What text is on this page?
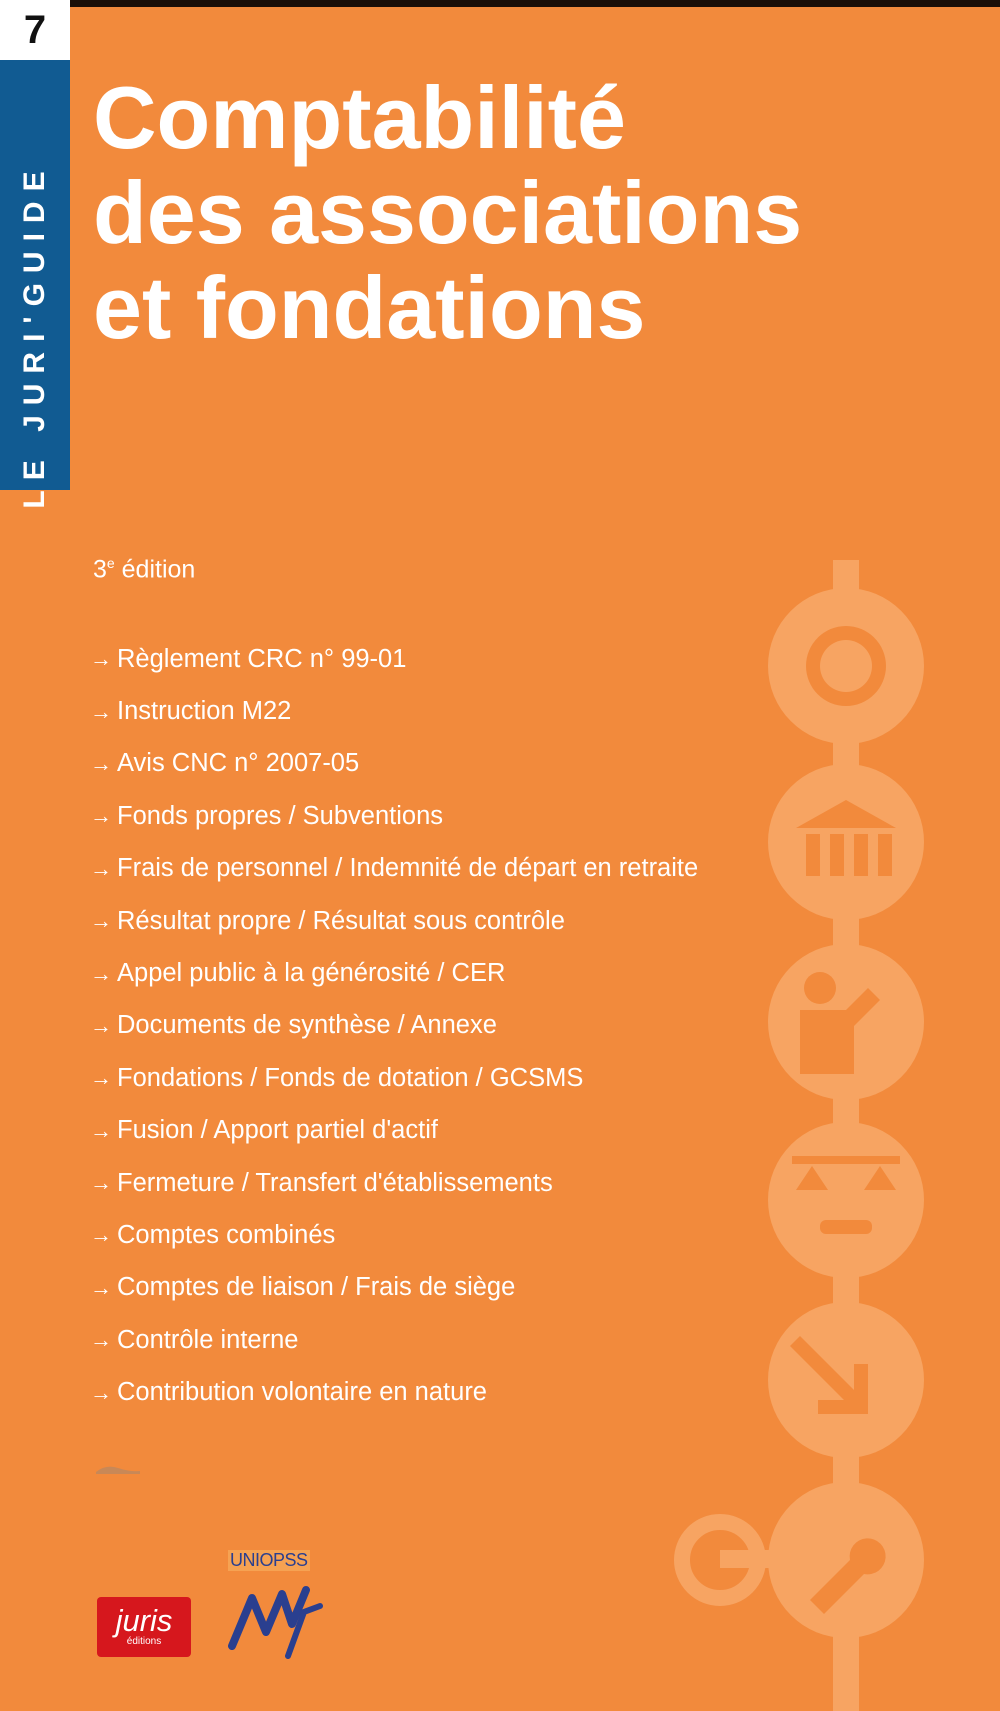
7
LE JURI'GUIDE
Comptabilité
des associations
et fondations
3e édition
→ Règlement CRC n° 99-01
→ Instruction M22
→ Avis CNC n° 2007-05
→ Fonds propres / Subventions
→ Frais de personnel / Indemnité de départ en retraite
→ Résultat propre / Résultat sous contrôle
→ Appel public à la générosité / CER
→ Documents de synthèse / Annexe
→ Fondations / Fonds de dotation / GCSMS
→ Fusion / Apport partiel d'actif
→ Fermeture / Transfert d'établissements
→ Comptes combinés
→ Comptes de liaison / Frais de siège
→ Contrôle interne
→ Contribution volontaire en nature
juris
éditions
UNIOPSS
